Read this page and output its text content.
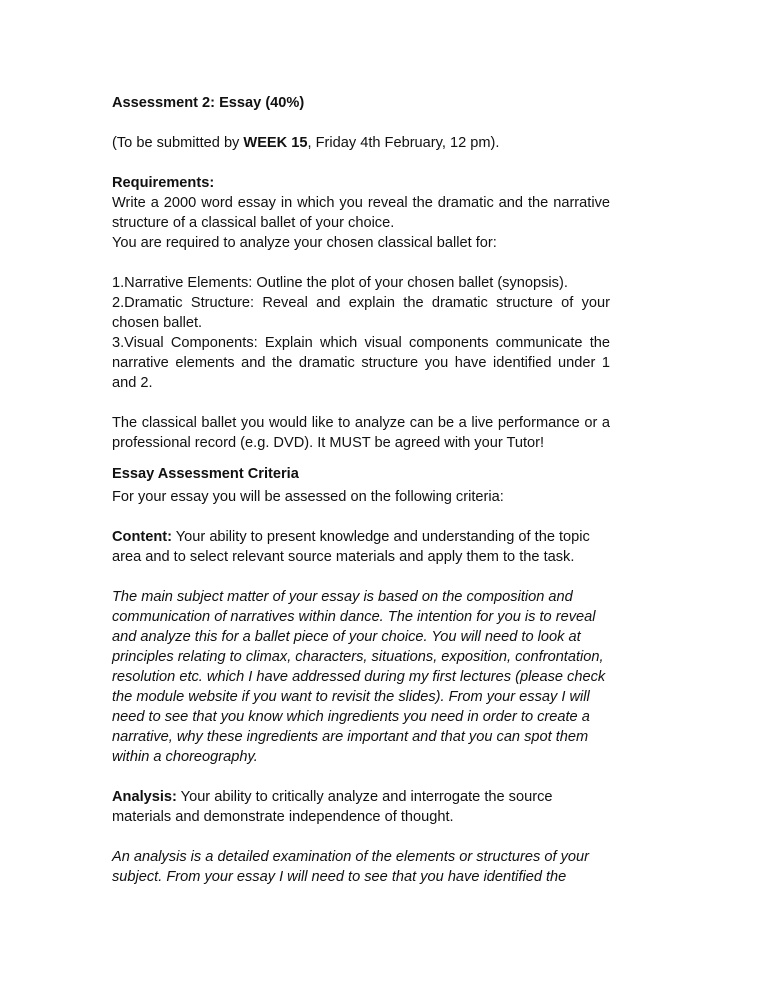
Assessment 2: Essay (40%)

(To be submitted by WEEK 15, Friday 4th February, 12 pm).

Requirements:

Write a 2000 word essay in which you reveal the dramatic and the narrative structure of a classical ballet of your choice.

You are required to analyze your chosen classical ballet for:

1.Narrative Elements: Outline the plot of your chosen ballet (synopsis).

2.Dramatic Structure: Reveal and explain the dramatic structure of your chosen ballet.

3.Visual Components: Explain which visual components communicate the narrative elements and the dramatic structure you have identified under 1 and 2.

The classical ballet you would like to analyze can be a live performance or a professional record (e.g. DVD). It MUST be agreed with your Tutor!

Essay Assessment Criteria

For your essay you will be assessed on the following criteria:

Content: Your ability to present knowledge and understanding of the topic area and to select relevant source materials and apply them to the task.

The main subject matter of your essay is based on the composition and communication of narratives within dance. The intention for you is to reveal and analyze this for a ballet piece of your choice. You will need to look at principles relating to climax, characters, situations, exposition, confrontation, resolution etc. which I have addressed during my first lectures (please check the module website if you want to revisit the slides). From your essay I will need to see that you know which ingredients you need in order to create a narrative, why these ingredients are important and that you can spot them within a choreography.

Analysis: Your ability to critically analyze and interrogate the source materials and demonstrate independence of thought.

An analysis is a detailed examination of the elements or structures of your subject. From your essay I will need to see that you have identified the
